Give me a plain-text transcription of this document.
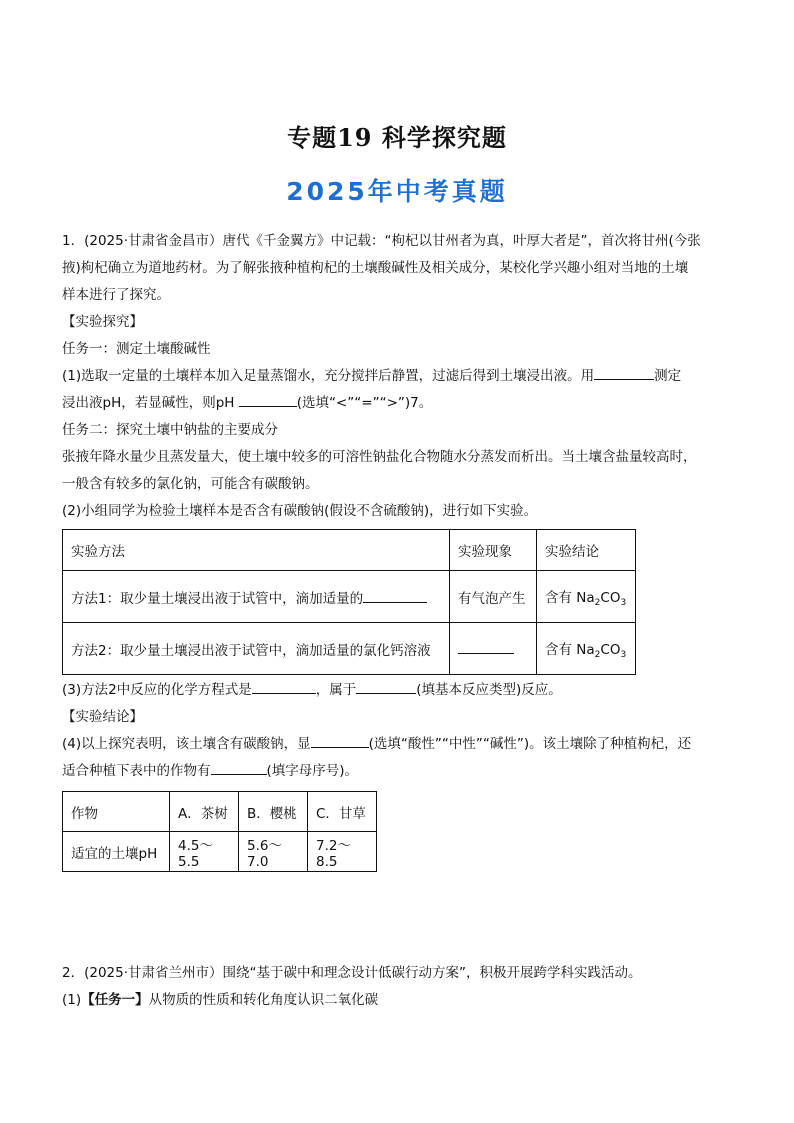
专题19 科学探究题
2025年中考真题

1．(2025·甘肃省金昌市）唐代《千金翼方》中记载：“枸杞以甘州者为真，叶厚大者是”，首次将甘州(今张

掖)枸杞确立为道地药材。为了解张掖种植枸杞的土壤酸碱性及相关成分，某校化学兴趣小组对当地的土壤

样本进行了探究。

【实验探究】

任务一：测定土壤酸碱性

(1)选取一定量的土壤样本加入足量蒸馏水，充分搅拌后静置，过滤后得到土壤浸出液。用	测定

浸出液pH，若显碱性，则pH	(选填“<”“=”“>”)7。

任务二：探究土壤中钠盐的主要成分

张掖年降水量少且蒸发量大，使土壤中较多的可溶性钠盐化合物随水分蒸发而析出。当土壤含盐量较高时，

一般含有较多的氯化钠，可能含有碳酸钠。

(2)小组同学为检验土壤样本是否含有碳酸钠(假设不含硫酸钠)，进行如下实验。

实验方法	实验现象	实验结论
方法1：取少量土壤浸出液于试管中，滴加适量的	有气泡产生	含有 $Na_2CO_3$
方法2：取少量土壤浸出液于试管中，滴加适量的氯化钙溶液		含有 $Na_2CO_3$

(3)方法2中反应的化学方程式是	，属于	(填基本反应类型)反应。

【实验结论】

(4)以上探究表明，该土壤含有碳酸钠，显	(选填“酸性”“中性”“碱性”)。该土壤除了种植枸杞，还

适合种植下表中的作物有	(填字母序号)。

作物	A．茶树	B．樱桃	C．甘草
适宜的土壤pH	4.5～5.5	5.6～7.0	7.2～8.5

2．(2025·甘肃省兰州市）围绕“基于碳中和理念设计低碳行动方案”，积极开展跨学科实践活动。

(1)【任务一】从物质的性质和转化角度认识二氧化碳
